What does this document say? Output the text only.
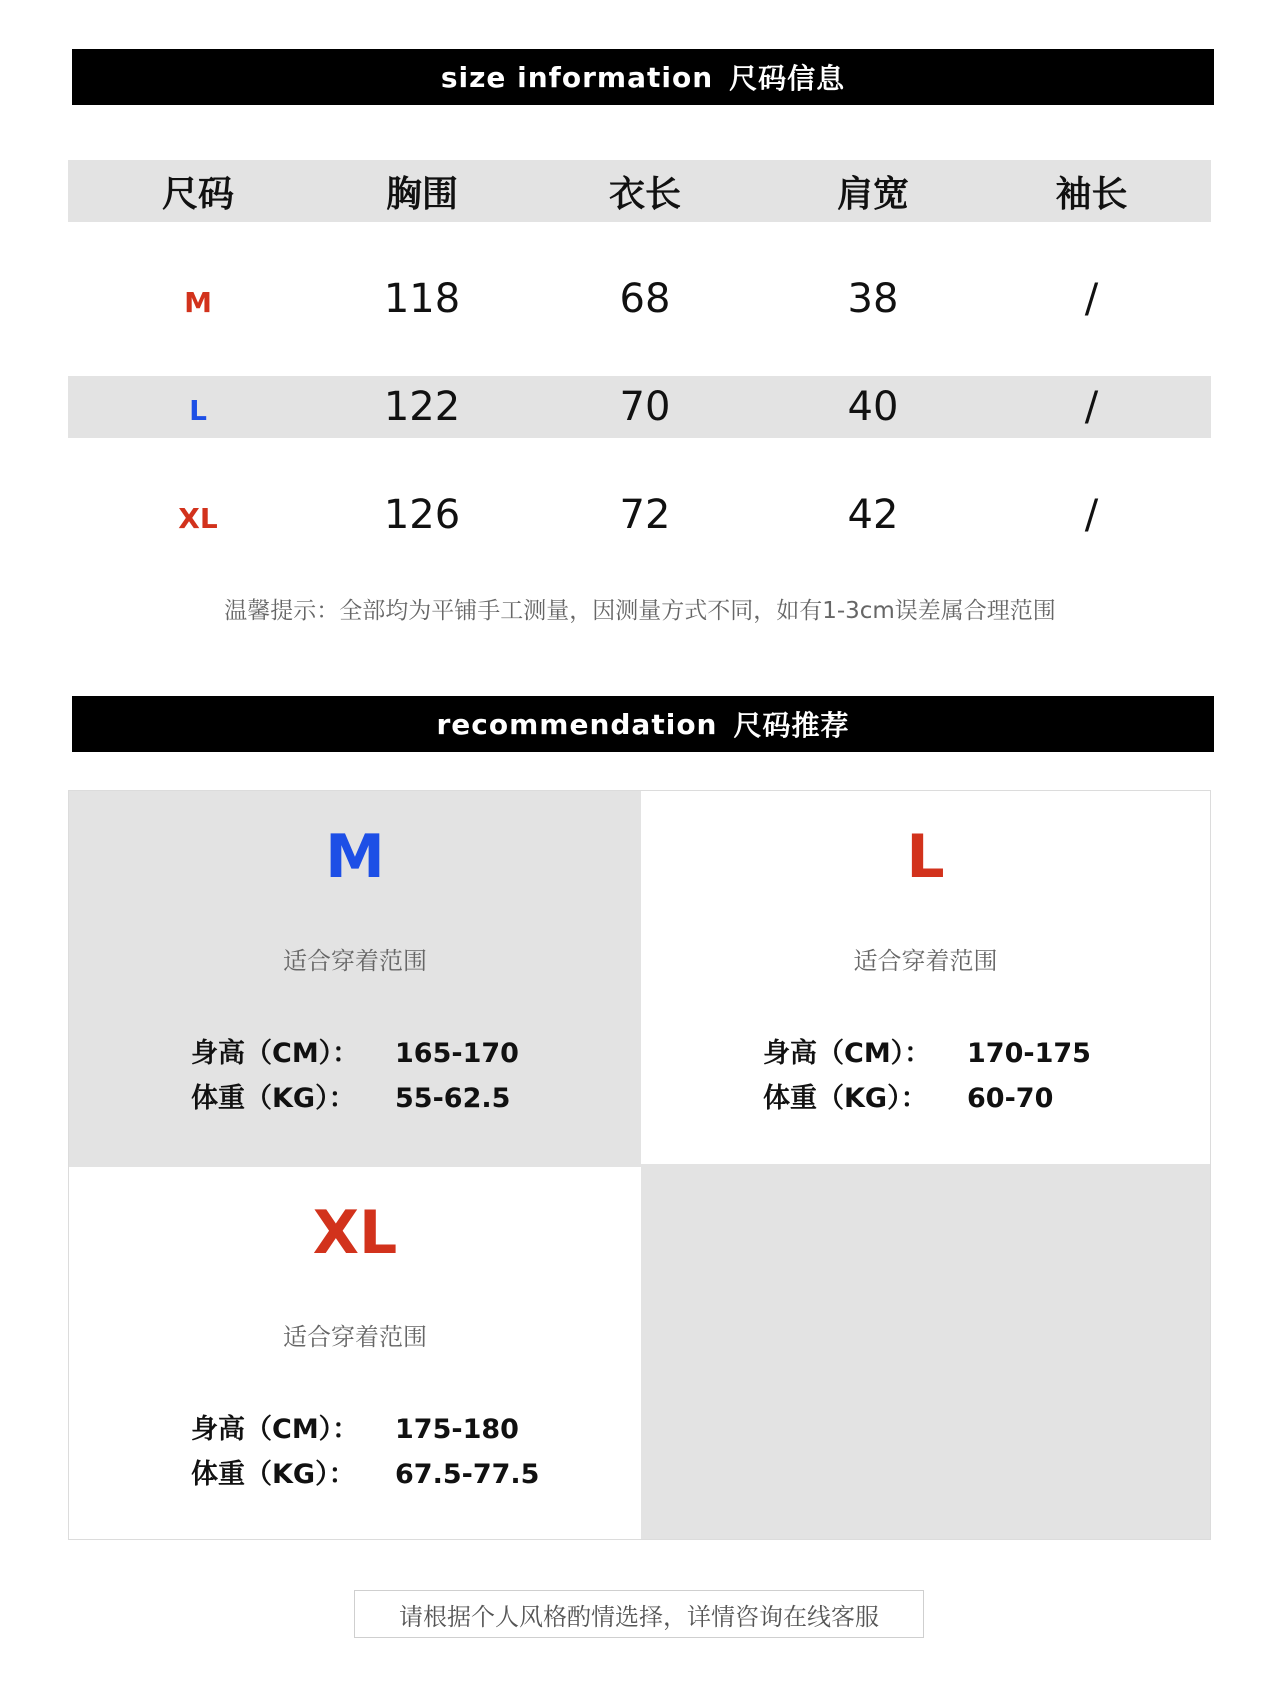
size information 尺码信息
尺码	胸围	衣长	肩宽	袖长
M	118	68	38	/
L	122	70	40	/
XL	126	72	42	/
温馨提示：全部均为平铺手工测量，因测量方式不同，如有1-3cm误差属合理范围
recommendation 尺码推荐
M
适合穿着范围
身高（CM）： 165-170
体重（KG）： 55-62.5
L
适合穿着范围
身高（CM）： 170-175
体重（KG）： 60-70
XL
适合穿着范围
身高（CM）： 175-180
体重（KG）： 67.5-77.5
请根据个人风格酌情选择，详情咨询在线客服
